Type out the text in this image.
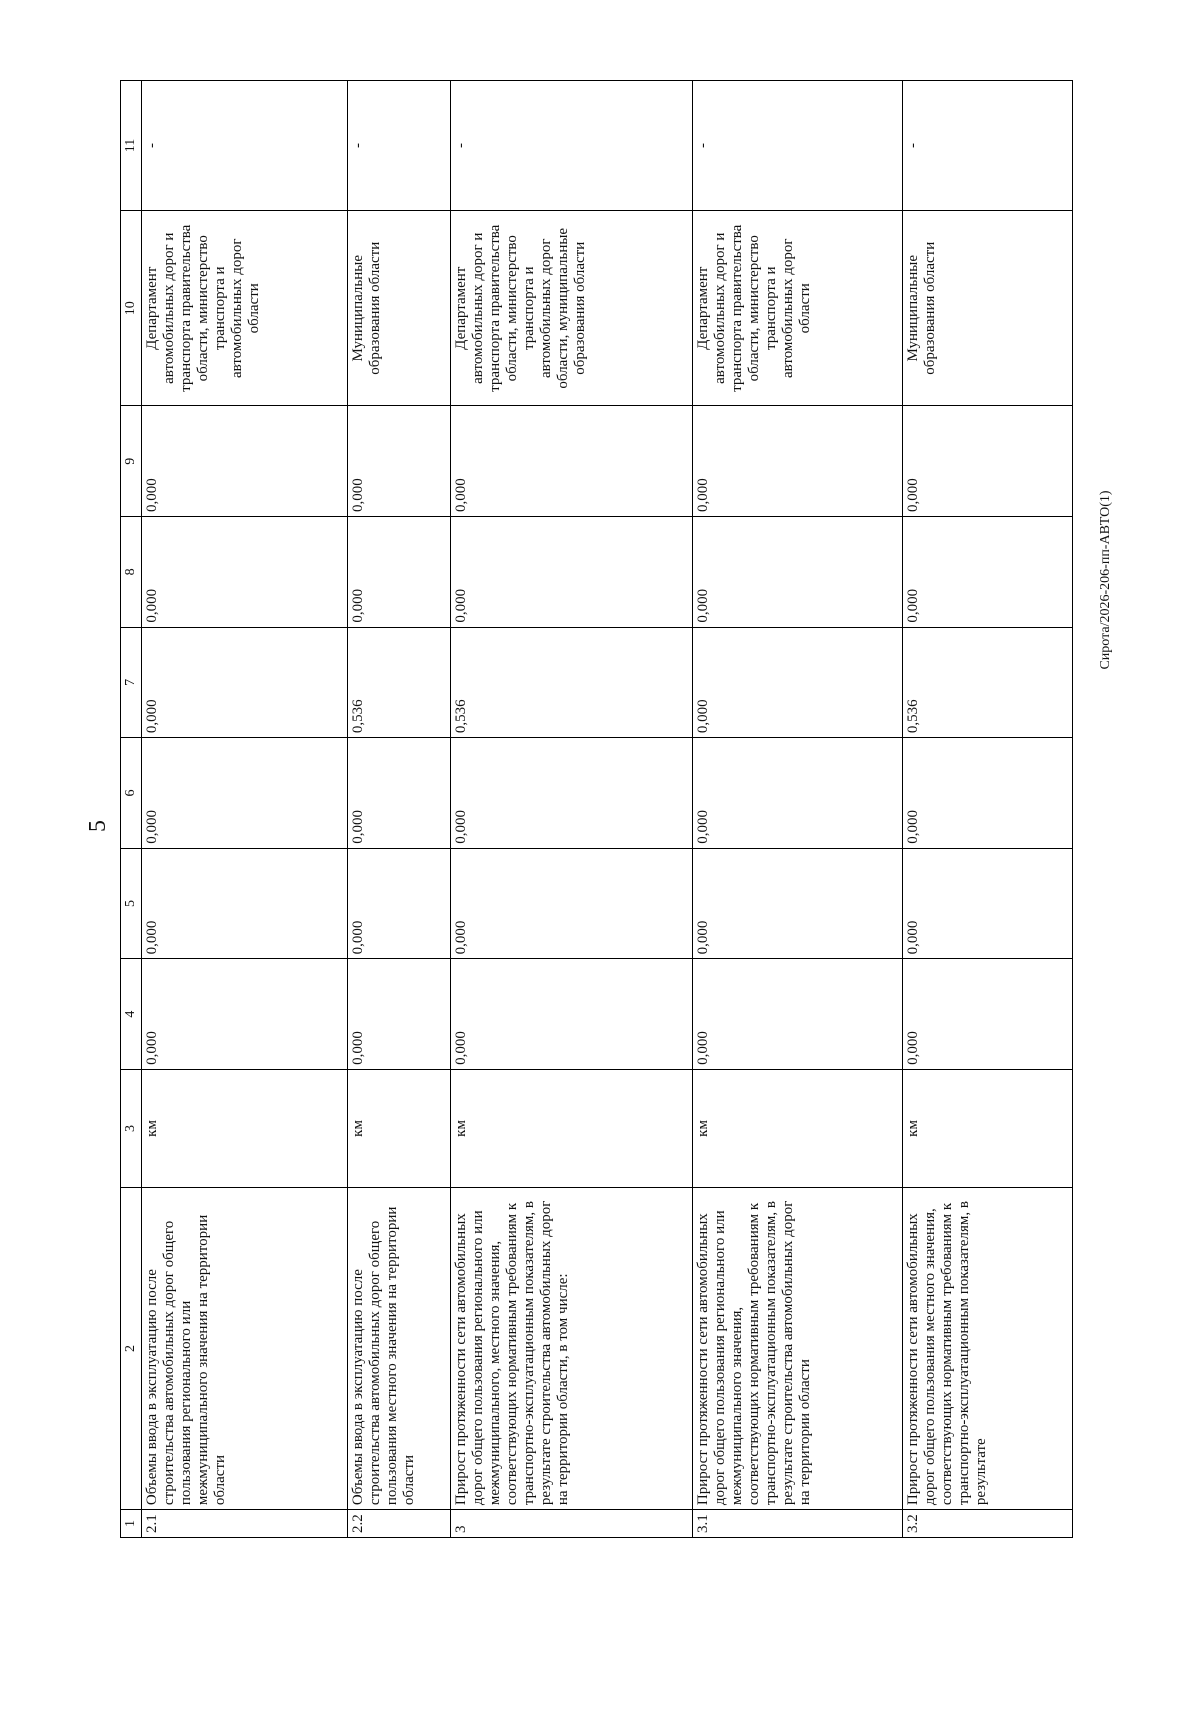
5
Сирота/2026-206-пп-АВТО(1)
1	2	3	4	5	6	7	8	9	10	11
2.1	Объемы ввода в эксплуатацию после строительства автомобильных дорог общего пользования регионального или межмуниципального значения на территории области	км	0,000	0,000	0,000	0,000	0,000	0,000	Департамент автомобильных дорог и транспорта правительства области, министерство транспорта и автомобильных дорог области	-
2.2	Объемы ввода в эксплуатацию после строительства автомобильных дорог общего пользования местного значения на территории области	км	0,000	0,000	0,000	0,536	0,000	0,000	Муниципальные образования области	-
3	Прирост протяженности сети автомобильных дорог общего пользования регионального или межмуниципального, местного значения, соответствующих нормативным требованиям к транспортно-эксплуатационным показателям, в результате строительства автомобильных дорог на территории области, в том числе:	км	0,000	0,000	0,000	0,536	0,000	0,000	Департамент автомобильных дорог и транспорта правительства области, министерство транспорта и автомобильных дорог области, муниципальные образования области	-
3.1	Прирост протяженности сети автомобильных дорог общего пользования регионального или межмуниципального значения, соответствующих нормативным требованиям к транспортно-эксплуатационным показателям, в результате строительства автомобильных дорог на территории области	км	0,000	0,000	0,000	0,000	0,000	0,000	Департамент автомобильных дорог и транспорта правительства области, министерство транспорта и автомобильных дорог области	-
3.2	Прирост протяженности сети автомобильных дорог общего пользования местного значения, соответствующих нормативным требованиям к транспортно-эксплуатационным показателям, в результате	км	0,000	0,000	0,000	0,536	0,000	0,000	Муниципальные образования области	-
